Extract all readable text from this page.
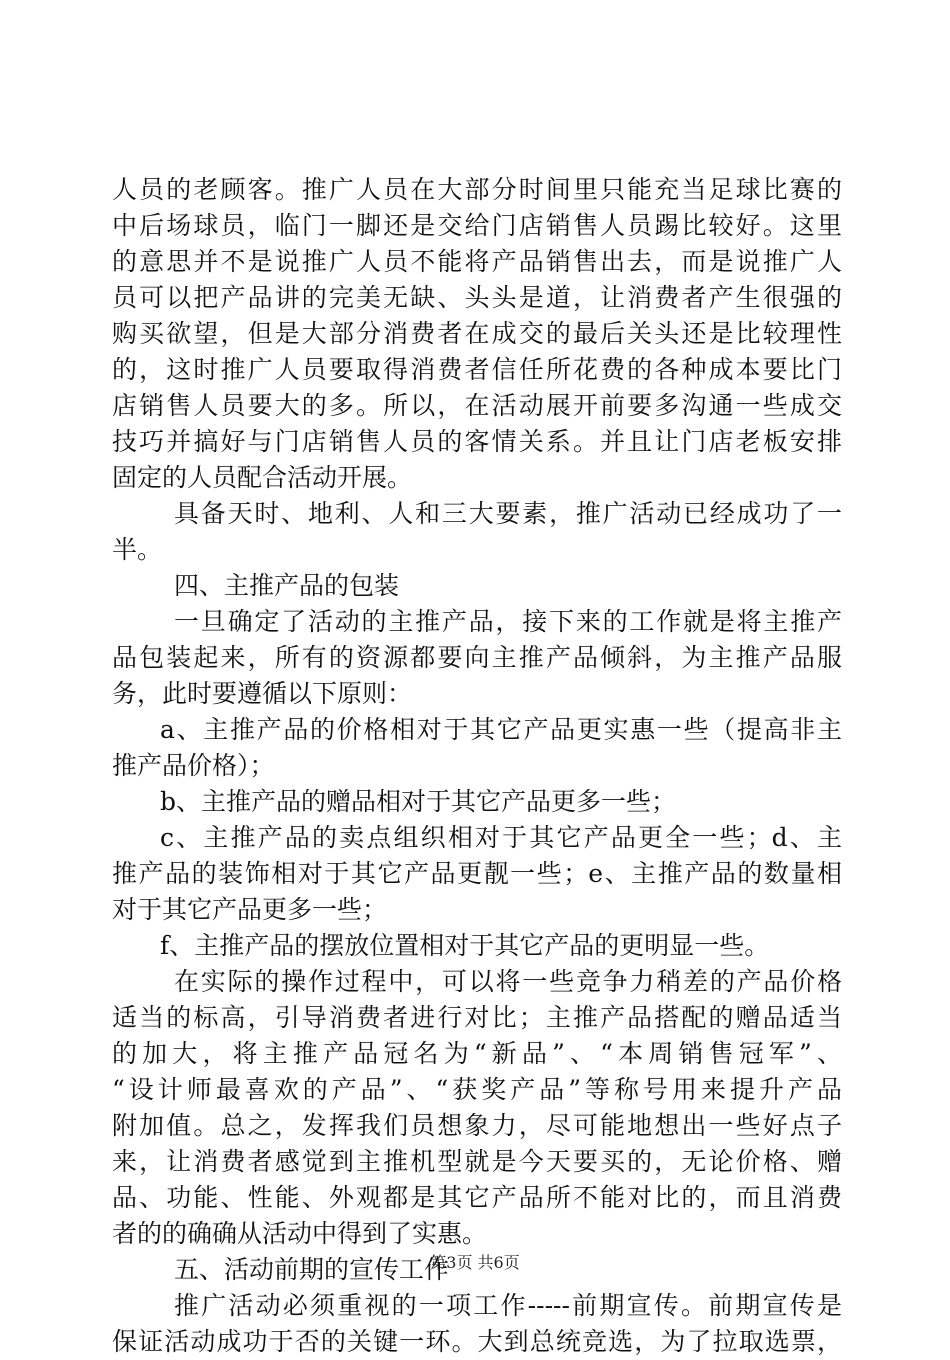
人员的老顾客。推广人员在大部分时间里只能充当足球比赛的
中后场球员，临门一脚还是交给门店销售人员踢比较好。这里
的意思并不是说推广人员不能将产品销售出去，而是说推广人
员可以把产品讲的完美无缺、头头是道，让消费者产生很强的
购买欲望，但是大部分消费者在成交的最后关头还是比较理性
的，这时推广人员要取得消费者信任所花费的各种成本要比门
店销售人员要大的多。所以，在活动展开前要多沟通一些成交
技巧并搞好与门店销售人员的客情关系。并且让门店老板安排
固定的人员配合活动开展。
具备天时、地利、人和三大要素，推广活动已经成功了一
半。
四、主推产品的包装
一旦确定了活动的主推产品，接下来的工作就是将主推产
品包装起来，所有的资源都要向主推产品倾斜，为主推产品服
务，此时要遵循以下原则：
a、主推产品的价格相对于其它产品更实惠一些（提高非主
推产品价格）；
b、主推产品的赠品相对于其它产品更多一些；
c、主推产品的卖点组织相对于其它产品更全一些；d、主
推产品的装饰相对于其它产品更靓一些；e、主推产品的数量相
对于其它产品更多一些；
f、主推产品的摆放位置相对于其它产品的更明显一些。
在实际的操作过程中，可以将一些竞争力稍差的产品价格
适当的标高，引导消费者进行对比；主推产品搭配的赠品适当
的加大，将主推产品冠名为“新品”、“本周销售冠军”、
“设计师最喜欢的产品”、“获奖产品”等称号用来提升产品
附加值。总之，发挥我们员想象力，尽可能地想出一些好点子
来，让消费者感觉到主推机型就是今天要买的，无论价格、赠
品、功能、性能、外观都是其它产品所不能对比的，而且消费
者的的确确从活动中得到了实惠。
五、活动前期的宣传工作
推广活动必须重视的一项工作-----前期宣传。前期宣传是
保证活动成功于否的关键一环。大到总统竞选，为了拉取选票，
第3页 共6页
